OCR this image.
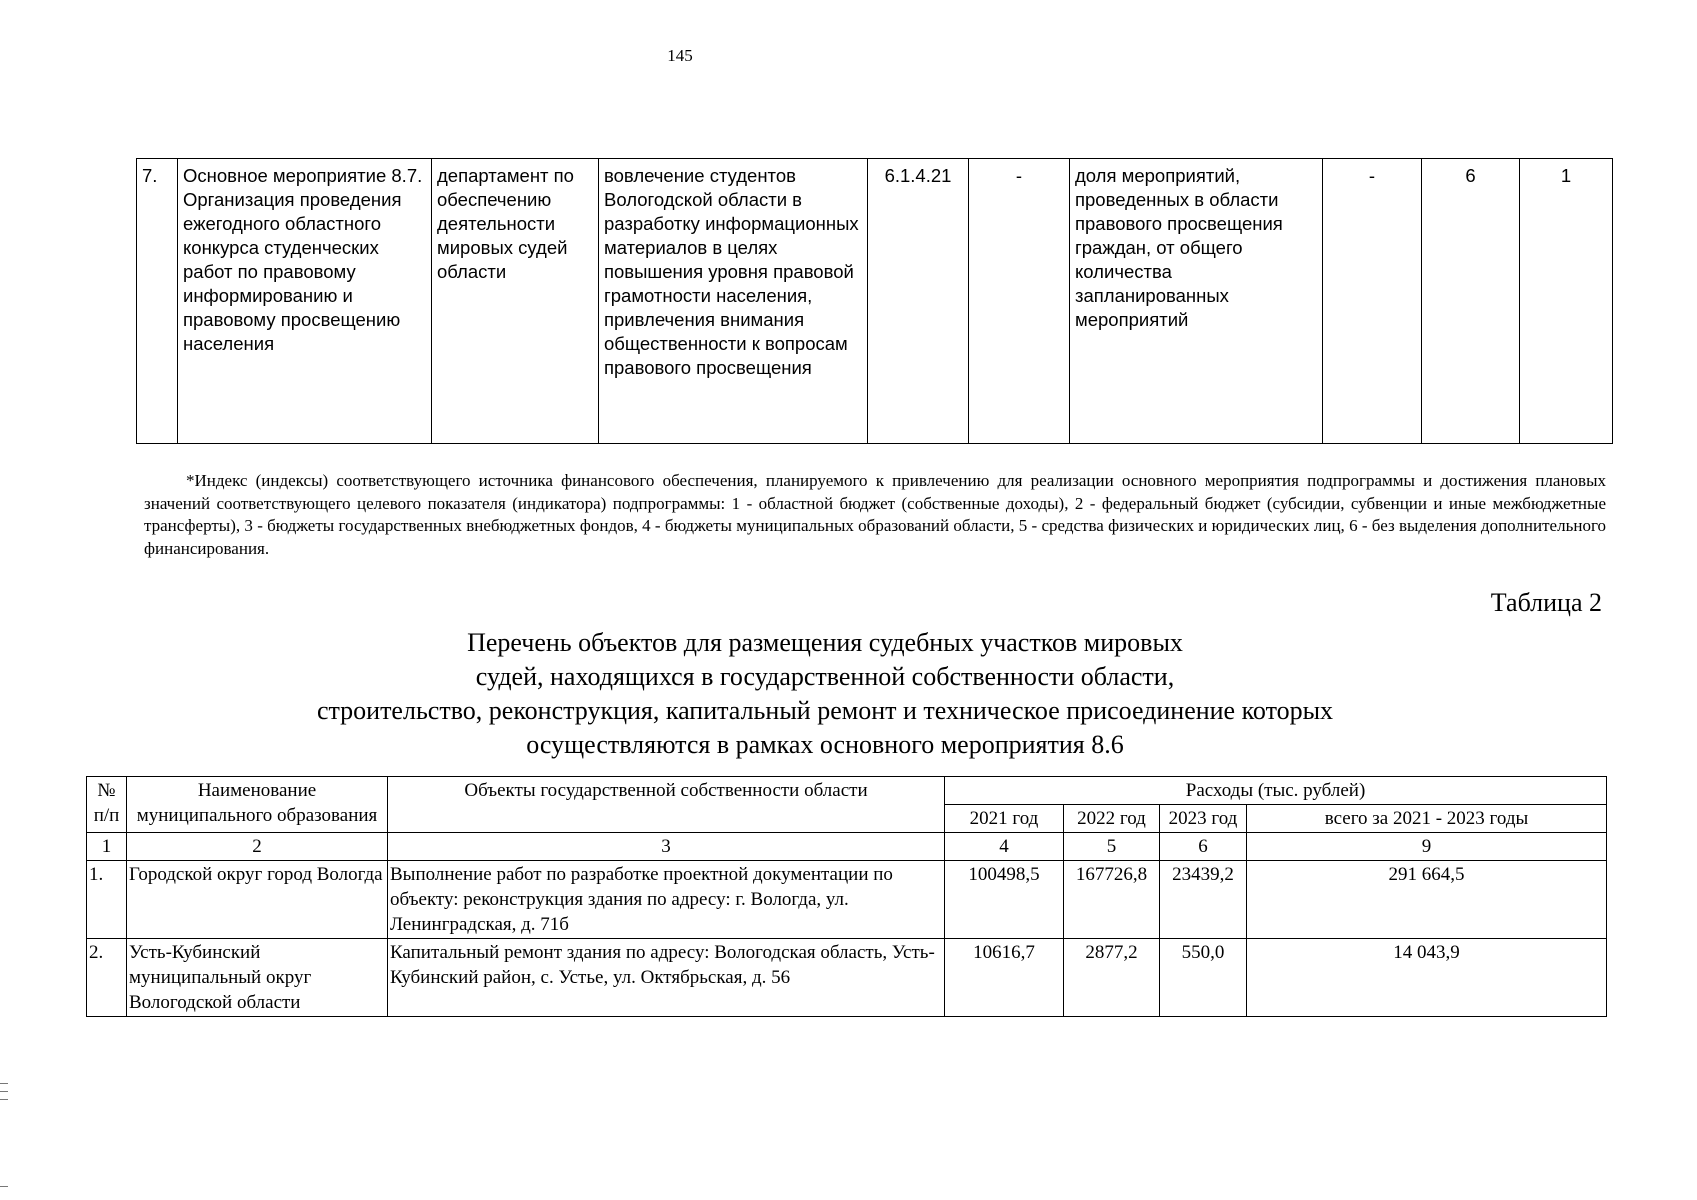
145
7.	Основное мероприятие 8.7. Организация проведения ежегодного областного конкурса студенческих работ по правовому информированию и правовому просвещению населения	департамент по обеспечению деятельности мировых судей области	вовлечение студентов Вологодской области в разработку информационных материалов в целях повышения уровня правовой грамотности населения, привлечения внимания общественности к вопросам правового просвещения	6.1.4.21	-	доля мероприятий, проведенных в области правового просвещения граждан, от общего количества запланированных мероприятий	-	6	1
*Индекс (индексы) соответствующего источника финансового обеспечения, планируемого к привлечению для реализации основного мероприятия подпрограммы и достижения плановых значений соответствующего целевого показателя (индикатора) подпрограммы: 1 - областной бюджет (собственные доходы), 2 - федеральный бюджет (субсидии, субвенции и иные межбюджетные трансферты), 3 - бюджеты государственных внебюджетных фондов, 4 - бюджеты муниципальных образований области, 5 - средства физических и юридических лиц, 6 - без выделения дополнительного финансирования.
Таблица 2
Перечень объектов для размещения судебных участков мировых
судей, находящихся в государственной собственности области,
строительство, реконструкция, капитальный ремонт и техническое присоединение которых
осуществляются в рамках основного мероприятия 8.6
№ п/п	Наименование муниципального образования	Объекты государственной собственности области	Расходы (тыс. рублей)			
			2021 год	2022 год	2023 год	всего за 2021 - 2023 годы
1	2	3	4	5	6	9
1.	Городской округ город Вологда	Выполнение работ по разработке проектной документации по объекту: реконструкция здания по адресу: г. Вологда, ул. Ленинградская, д. 71б	100498,5	167726,8	23439,2	291 664,5
2.	Усть-Кубинский муниципальный округ Вологодской области	Капитальный ремонт здания по адресу: Вологодская область, Усть-Кубинский район, с. Устье, ул. Октябрьская, д. 56	10616,7	2877,2	550,0	14 043,9
